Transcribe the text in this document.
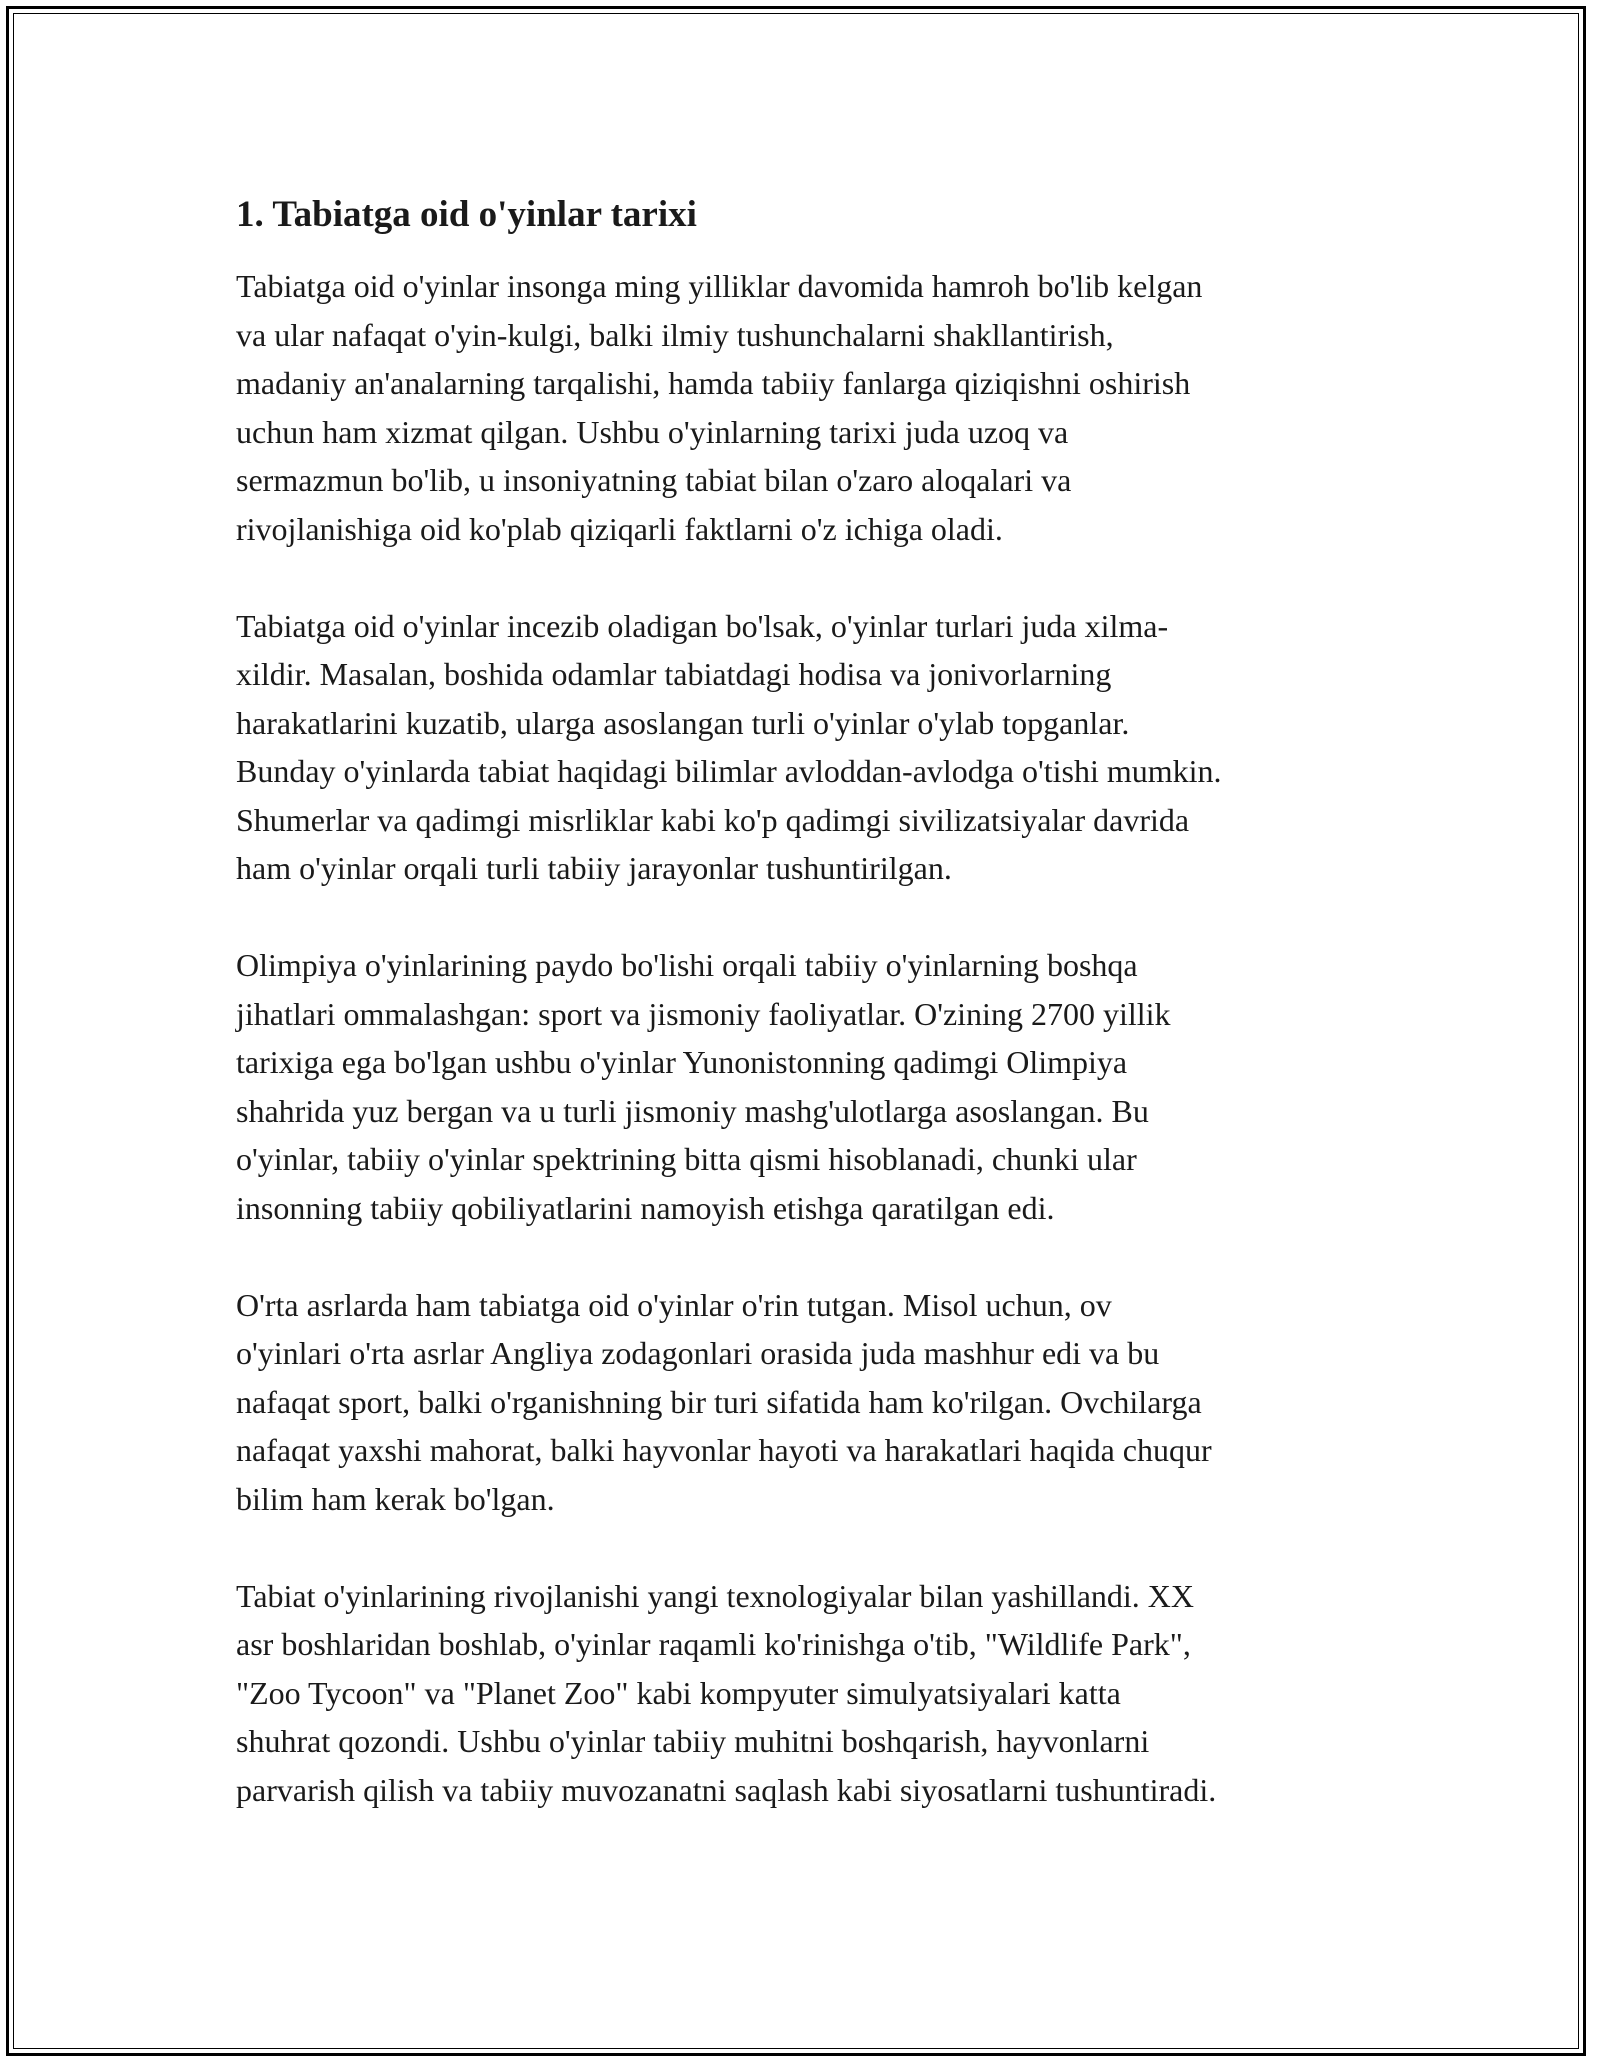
1. Tabiatga oid o'yinlar tarixi

Tabiatga oid o'yinlar insonga ming yilliklar davomida hamroh bo'lib kelgan
va ular nafaqat o'yin-kulgi, balki ilmiy tushunchalarni shakllantirish,
madaniy an'analarning tarqalishi, hamda tabiiy fanlarga qiziqishni oshirish
uchun ham xizmat qilgan. Ushbu o'yinlarning tarixi juda uzoq va
sermazmun bo'lib, u insoniyatning tabiat bilan o'zaro aloqalari va
rivojlanishiga oid ko'plab qiziqarli faktlarni o'z ichiga oladi.

Tabiatga oid o'yinlar incezib oladigan bo'lsak, o'yinlar turlari juda xilma-
xildir. Masalan, boshida odamlar tabiatdagi hodisa va jonivorlarning
harakatlarini kuzatib, ularga asoslangan turli o'yinlar o'ylab topganlar.
Bunday o'yinlarda tabiat haqidagi bilimlar avloddan-avlodga o'tishi mumkin.
Shumerlar va qadimgi misrliklar kabi ko'p qadimgi sivilizatsiyalar davrida
ham o'yinlar orqali turli tabiiy jarayonlar tushuntirilgan.

Olimpiya o'yinlarining paydo bo'lishi orqali tabiiy o'yinlarning boshqa
jihatlari ommalashgan: sport va jismoniy faoliyatlar. O'zining 2700 yillik
tarixiga ega bo'lgan ushbu o'yinlar Yunonistonning qadimgi Olimpiya
shahrida yuz bergan va u turli jismoniy mashg'ulotlarga asoslangan. Bu
o'yinlar, tabiiy o'yinlar spektrining bitta qismi hisoblanadi, chunki ular
insonning tabiiy qobiliyatlarini namoyish etishga qaratilgan edi.

O'rta asrlarda ham tabiatga oid o'yinlar o'rin tutgan. Misol uchun, ov
o'yinlari o'rta asrlar Angliya zodagonlari orasida juda mashhur edi va bu
nafaqat sport, balki o'rganishning bir turi sifatida ham ko'rilgan. Ovchilarga
nafaqat yaxshi mahorat, balki hayvonlar hayoti va harakatlari haqida chuqur
bilim ham kerak bo'lgan.

Tabiat o'yinlarining rivojlanishi yangi texnologiyalar bilan yashillandi. XX
asr boshlaridan boshlab, o'yinlar raqamli ko'rinishga o'tib, "Wildlife Park",
"Zoo Tycoon" va "Planet Zoo" kabi kompyuter simulyatsiyalari katta
shuhrat qozondi. Ushbu o'yinlar tabiiy muhitni boshqarish, hayvonlarni
parvarish qilish va tabiiy muvozanatni saqlash kabi siyosatlarni tushuntiradi.
